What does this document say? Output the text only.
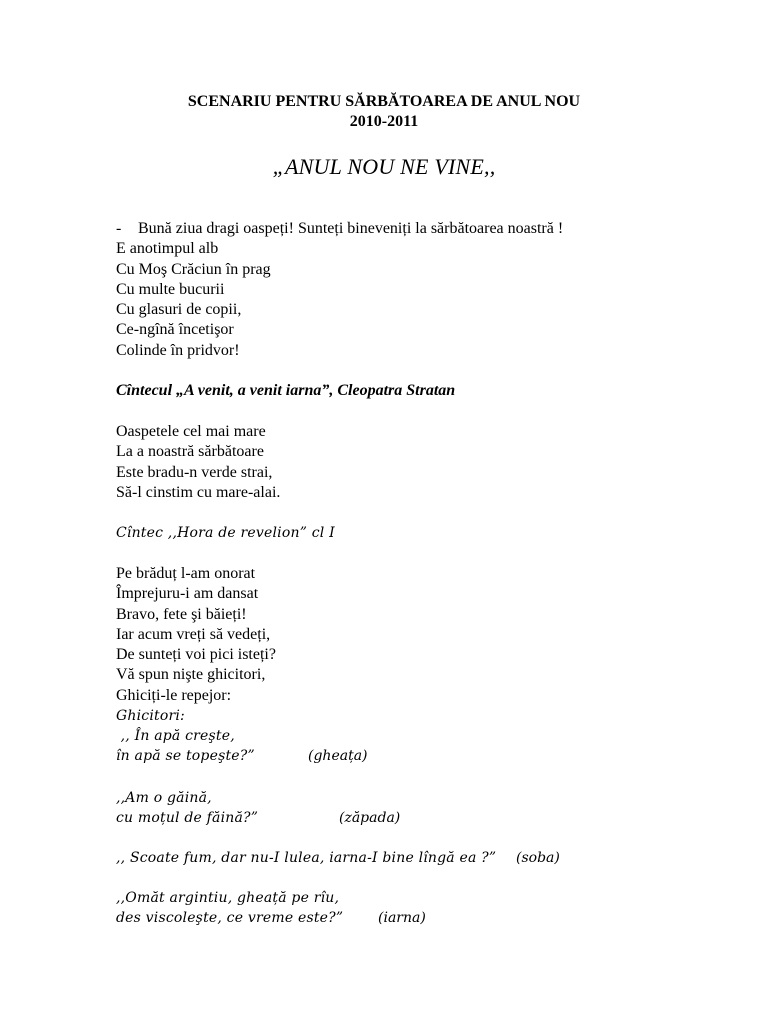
SCENARIU PENTRU SĂRBĂTOAREA DE ANUL NOU
2010-2011
„ANUL NOU NE VINE,,
- Bună ziua dragi oaspeți! Sunteți bineveniți la sărbătoarea noastră !
E anotimpul alb
Cu Moş Crăciun în prag
Cu multe bucurii
Cu glasuri de copii,
Ce-ngînă încetişor
Colinde în pridvor!
Cîntecul „A venit, a venit iarna”, Cleopatra Stratan
Oaspetele cel mai mare
La a noastră sărbătoare
Este bradu-n verde strai,
Să-l cinstim cu mare-alai.
Cîntec ,,Hora de revelion” cl I
Pe brăduț l-am onorat
Împrejuru-i am dansat
Bravo, fete şi băieți!
Iar acum vreți să vedeți,
De sunteți voi pici isteți?
Vă spun nişte ghicitori,
Ghiciți-le repejor:
Ghicitori:
,, În apă creşte,
în apă se topeşte?”	(gheața)
,,Am o găină,
cu moțul de făină?”	(zăpada)
,, Scoate fum, dar nu-I lulea, iarna-I bine lîngă ea ?” (soba)
,,Omăt argintiu, gheață pe rîu,
des viscoleşte, ce vreme este?” (iarna)
